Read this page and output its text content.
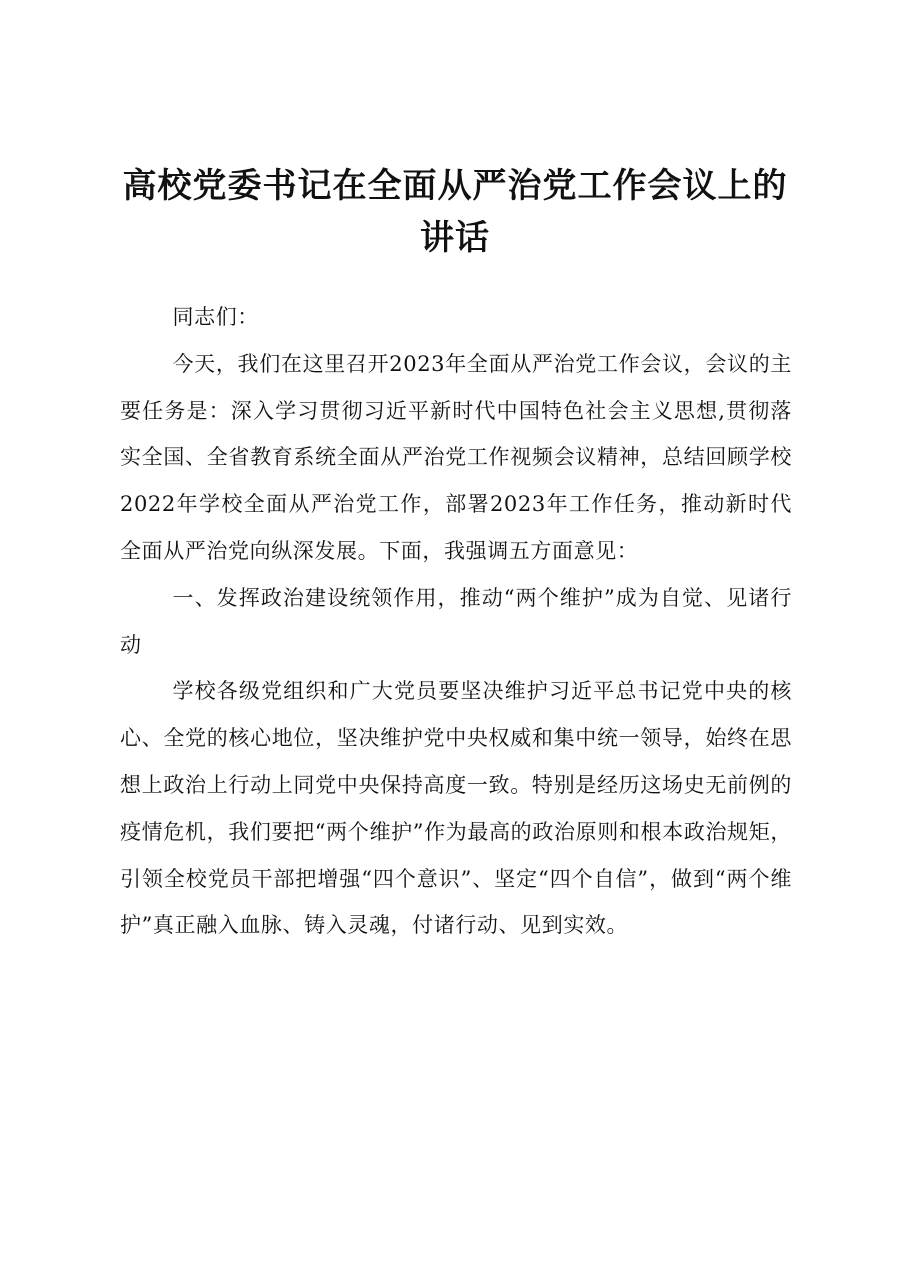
高校党委书记在全面从严治党工作会议上的讲话

同志们：

今天，我们在这里召开2023年全面从严治党工作会议，会议的主要任务是：深入学习贯彻习近平新时代中国特色社会主义思想,贯彻落实全国、全省教育系统全面从严治党工作视频会议精神，总结回顾学校2022年学校全面从严治党工作，部署2023年工作任务，推动新时代全面从严治党向纵深发展。下面，我强调五方面意见：

一、发挥政治建设统领作用，推动“两个维护”成为自觉、见诸行动

学校各级党组织和广大党员要坚决维护习近平总书记党中央的核心、全党的核心地位，坚决维护党中央权威和集中统一领导，始终在思想上政治上行动上同党中央保持高度一致。特别是经历这场史无前例的疫情危机，我们要把“两个维护”作为最高的政治原则和根本政治规矩，引领全校党员干部把增强“四个意识”、坚定“四个自信”，做到“两个维护”真正融入血脉、铸入灵魂，付诸行动、见到实效。
